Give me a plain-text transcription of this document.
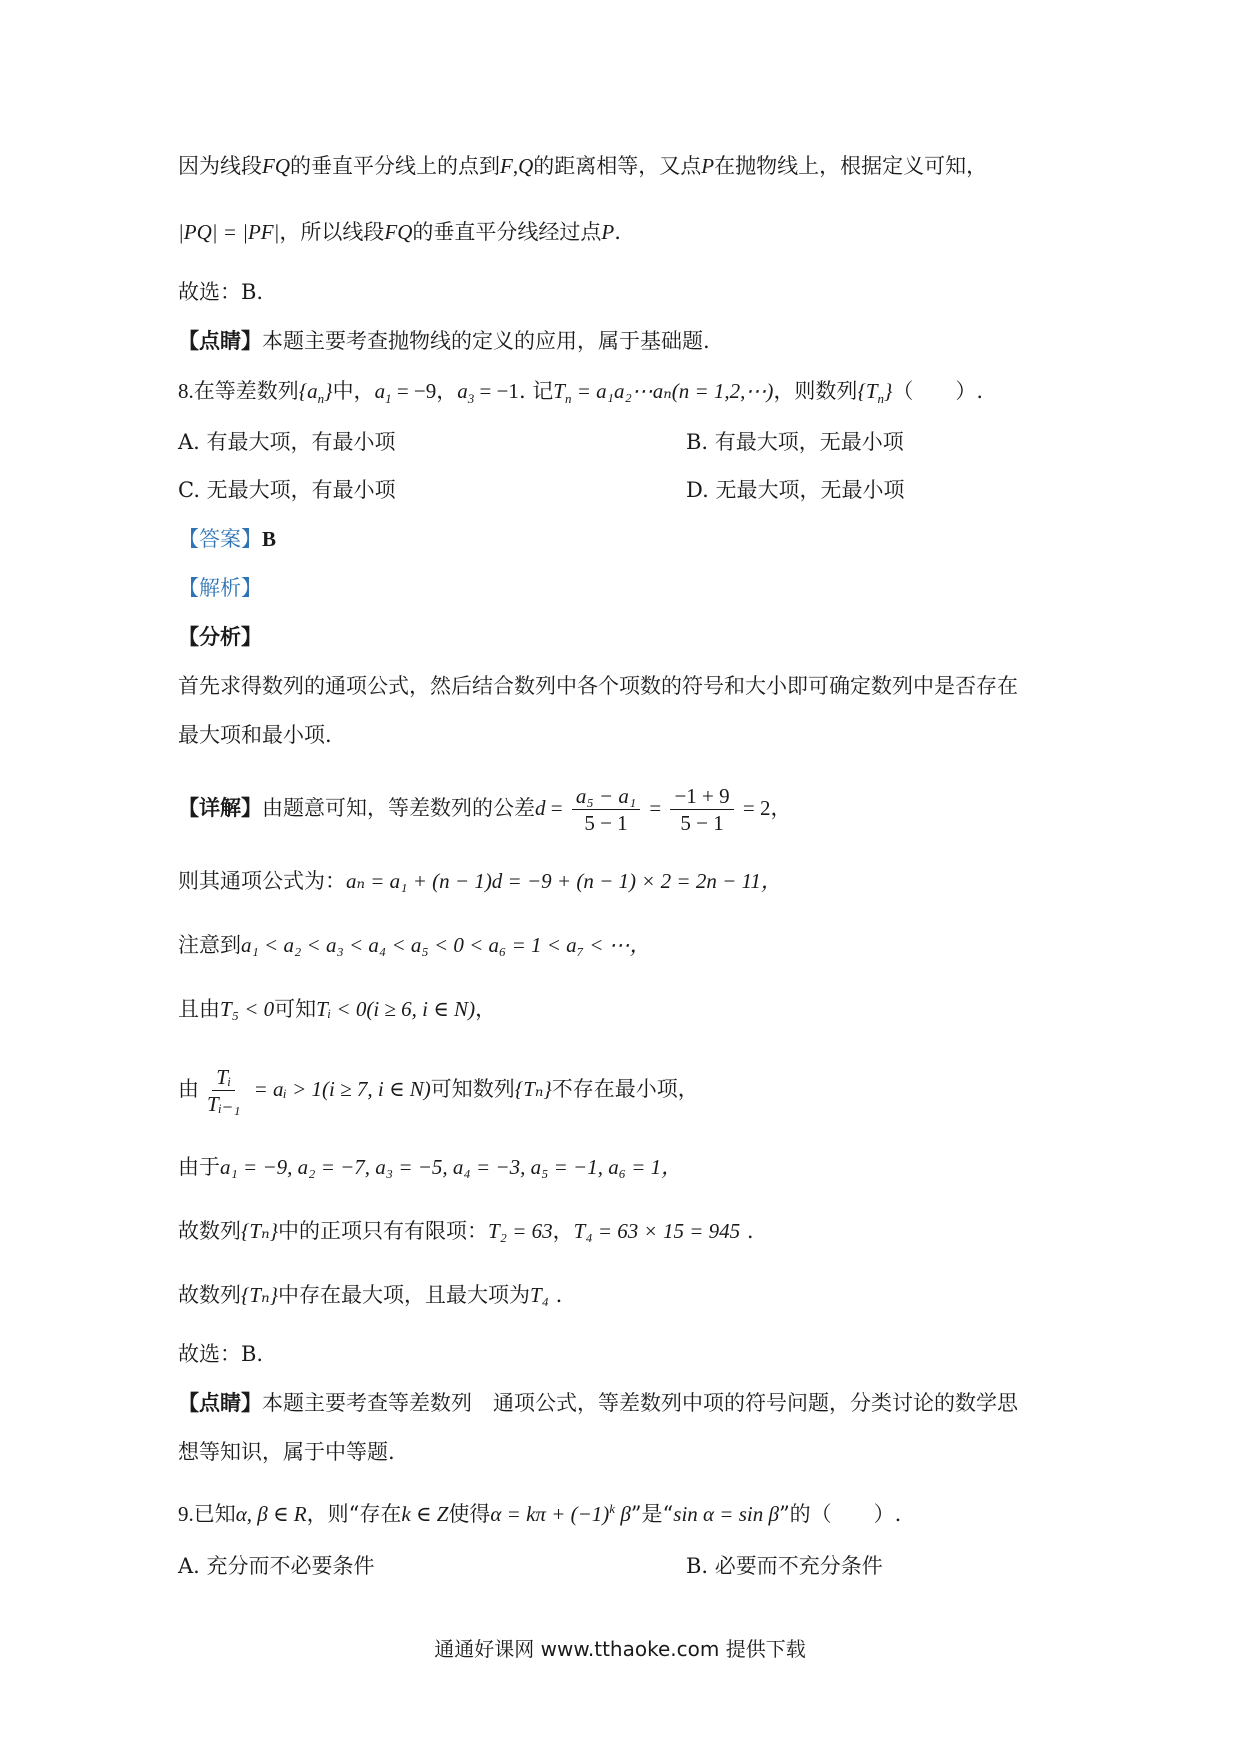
因为线段FQ的垂直平分线上的点到F,Q的距离相等，又点P在抛物线上，根据定义可知，
|PQ| = |PF|，所以线段FQ的垂直平分线经过点P.
故选：B.
【点睛】本题主要考查抛物线的定义的应用，属于基础题.
8.在等差数列$\{a_n\}$中，$a_1 = -9$，$a_3 = -1$. 记$T_n$ = a₁a₂⋯aₙ(n = 1,2,⋯)，则数列$\{T_n\}$（　　）.
A. 有最大项，有最小项	B. 有最大项，无最小项
C. 无最大项，有最小项	D. 无最大项，无最小项
【答案】B
【解析】
【分析】
首先求得数列的通项公式，然后结合数列中各个项数的符号和大小即可确定数列中是否存在
最大项和最小项.
【详解】由题意可知，等差数列的公差$d = \frac{\text{a₅ − a₁}}{5 - 1} = \frac{-1 + 9}{5 - 1} = 2$，
则其通项公式为：aₙ = a₁ + (n − 1)d = −9 + (n − 1) × 2 = 2n − 11，
注意到a₁ < a₂ < a₃ < a₄ < a₅ < 0 < a₆ = 1 < a₇ < ⋯，
且由T₅ < 0可知Tᵢ < 0(i ≥ 6, i ∈ N)，
由 $\frac{\text{Tᵢ}}{\text{Tᵢ₋₁}}$ = aᵢ > 1(i ≥ 7, i ∈ N)可知数列{Tₙ}不存在最小项，
由于a₁ = −9, a₂ = −7, a₃ = −5, a₄ = −3, a₅ = −1, a₆ = 1，
故数列{Tₙ}中的正项只有有限项：T₂ = 63，T₄ = 63 × 15 = 945 .
故数列{Tₙ}中存在最大项，且最大项为T₄ .
故选：B.
【点睛】本题主要考查等差数列　通项公式，等差数列中项的符号问题，分类讨论的数学思
想等知识，属于中等题.
9.已知α, β ∈ R，则“存在k ∈ Z使得$\alpha = k\pi + (-1)^k$ β”是“sin α = sin β”的（　　）.
A. 充分而不必要条件	B. 必要而不充分条件
通通好课网 www.tthaoke.com 提供下载
